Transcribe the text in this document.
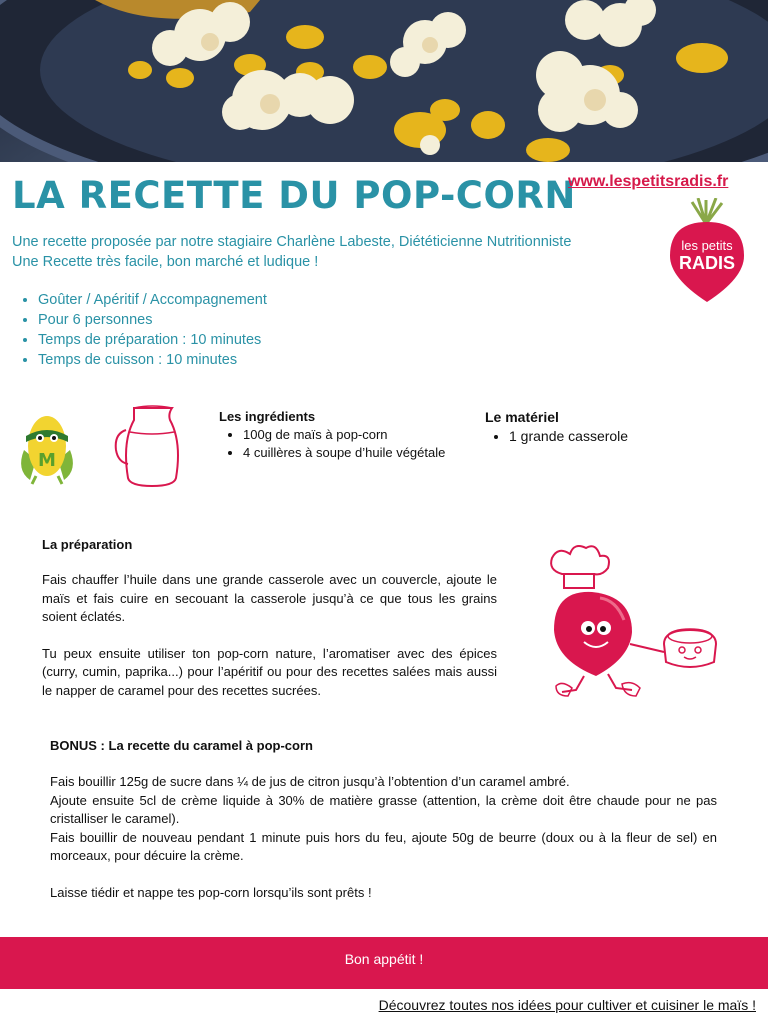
LA RECETTE DU POP-CORN
www.lespetitsradis.fr
les petits
RADIS
Une recette proposée par notre stagiaire Charlène Labeste, Diététicienne Nutritionniste
Une Recette très facile, bon marché et ludique !
• Goûter / Apéritif / Accompagnement
• Pour 6 personnes
• Temps de préparation : 10 minutes
• Temps de cuisson : 10 minutes
M
Les ingrédients
• 100g de maïs à pop-corn
• 4 cuillères à soupe d’huile végétale
Le matériel
• 1 grande casserole
La préparation

Fais chauffer l’huile dans une grande casserole avec un couvercle, ajoute le maïs et fais cuire en secouant la casserole jusqu’à ce que tous les grains soient éclatés.

Tu peux ensuite utiliser ton pop-corn nature, l’aromatiser avec des épices (curry, cumin, paprika...) pour l’apéritif ou pour des recettes salées mais aussi le napper de caramel pour des recettes sucrées.

BONUS : La recette du caramel à pop-corn

Fais bouillir 125g de sucre dans ¼ de jus de citron jusqu’à l’obtention d’un caramel ambré.

Ajoute ensuite 5cl de crème liquide à 30% de matière grasse (attention, la crème doit être chaude pour ne pas cristalliser le caramel).

Fais bouillir de nouveau pendant 1 minute puis hors du feu, ajoute 50g de beurre (doux ou à la fleur de sel) en morceaux, pour décuire la crème.

Laisse tiédir et nappe tes pop-corn lorsqu’ils sont prêts !

Bon appétit !
Découvrez toutes nos idées pour cultiver et cuisiner le maïs !
